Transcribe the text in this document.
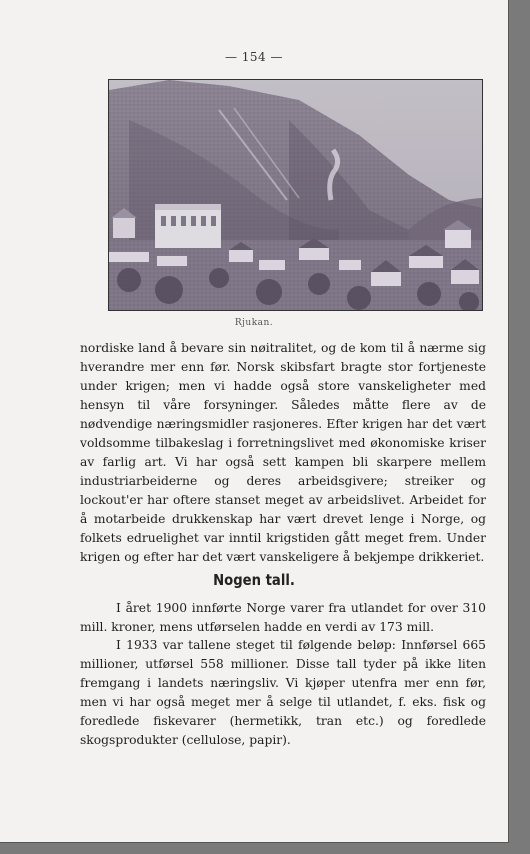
— 154 —
Rjukan.

nordiske land å bevare sin nøitralitet, og de kom til å nærme sig hverandre mer enn før. Norsk skibsfart bragte stor fortjeneste under krigen; men vi hadde også store vanskeligheter med hensyn til våre forsyninger. Således måtte flere av de nødvendige næringsmidler rasjoneres. Efter krigen har det vært voldsomme tilbakeslag i forretningslivet med økonomiske kriser av farlig art. Vi har også sett kampen bli skarpere mellem industriarbeiderne og deres arbeidsgivere; streiker og lockout'er har oftere stanset meget av arbeidslivet. Arbeidet for å motarbeide drukkenskap har vært drevet lenge i Norge, og folkets edruelighet var inntil krigstiden gått meget frem. Under krigen og efter har det vært vanskeligere å bekjempe drikkeriet.

Nogen tall.

I året 1900 innførte Norge varer fra utlandet for over 310 mill. kroner, mens utførselen hadde en verdi av 173 mill.

I 1933 var tallene steget til følgende beløp: Innførsel 665 millioner, utførsel 558 millioner. Disse tall tyder på ikke liten fremgang i landets næringsliv. Vi kjøper utenfra mer enn før, men vi har også meget mer å selge til utlandet, f. eks. fisk og foredlede fiskevarer (hermetikk, tran etc.) og foredlede skogsprodukter (cellulose, papir).
